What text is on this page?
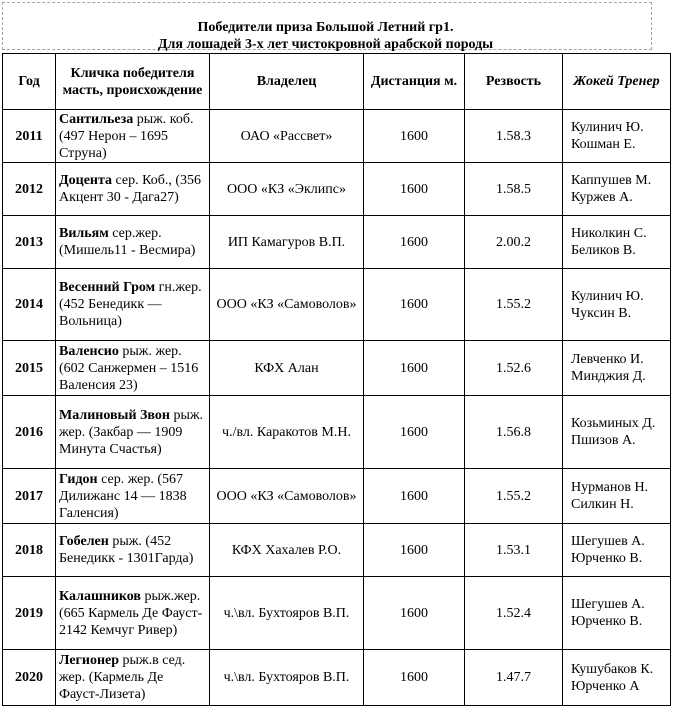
Победители приза Большой Летний гр1.
Для лошадей 3-х лет чистокровной арабской породы
Год	Кличка победителя масть, происхождение	Владелец	Дистанция м.	Резвость	Жокей Тренер
2011	Сантильеза рыж. коб. (497 Нерон – 1695 Струна)	ОАО «Рассвет»	1600	1.58.3	Кулинич Ю.
Кошман Е.
2012	Доцента сер. Коб., (356 Акцент 30 - Дага27)	ООО «КЗ «Эклипс»	1600	1.58.5	Каппушев М.
Куржев А.
2013	Вильям сер.жер. (Мишель11 - Весмира)	ИП Камагуров В.П.	1600	2.00.2	Николкин С.
Беликов В.
2014	Весенний Гром гн.жер. (452 Бенедикк — Вольница)	ООО «КЗ «Самоволов»	1600	1.55.2	Кулинич Ю.
Чуксин В.
2015	Валенсио рыж. жер. (602 Санжермен – 1516 Валенсия 23)	КФХ Алан	1600	1.52.6	Левченко И.
Минджия Д.
2016	Малиновый Звон рыж. жер. (Закбар — 1909 Минута Счастья)	ч./вл. Каракотов М.Н.	1600	1.56.8	Козьминых Д.
Пшизов А.
2017	Гидон сер. жер. (567 Дилижанс 14 — 1838 Галенсия)	ООО «КЗ «Самоволов»	1600	1.55.2	Нурманов Н.
Силкин Н.
2018	Гобелен рыж. (452 Бенедикк - 1301Гарда)	КФХ Хахалев Р.О.	1600	1.53.1	Шегушев А.
Юрченко В.
2019	Калашников рыж.жер. (665 Кармель Де Фауст- 2142 Кемчуг Ривер)	ч.\вл. Бухтояров В.П.	1600	1.52.4	Шегушев А.
Юрченко В.
2020	Легионер рыж.в сед. жер. (Кармель Де Фауст-Лизета)	ч.\вл. Бухтояров В.П.	1600	1.47.7	Кушубаков К.
Юрченко А
